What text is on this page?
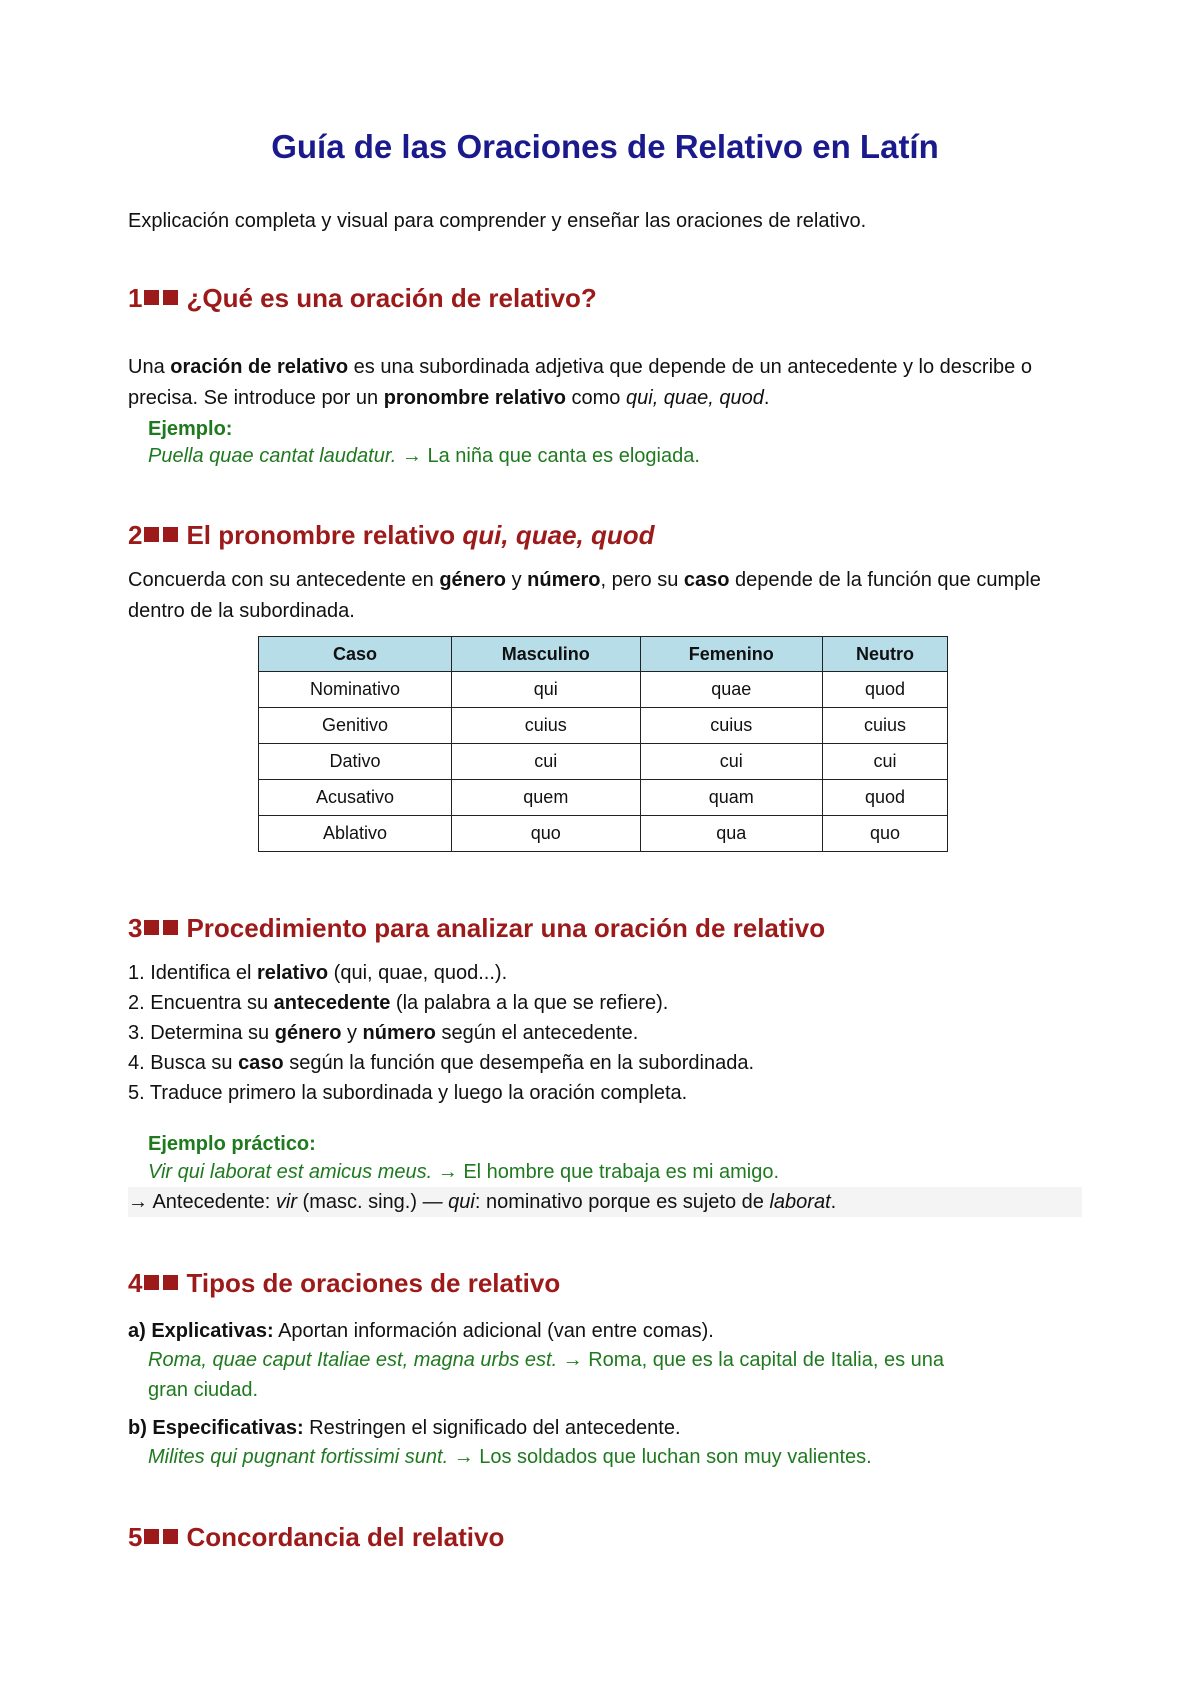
Guía de las Oraciones de Relativo en Latín

Explicación completa y visual para comprender y enseñar las oraciones de relativo.

1 ¿Qué es una oración de relativo?

Una oración de relativo es una subordinada adjetiva que depende de un antecedente y lo describe o precisa. Se introduce por un pronombre relativo como qui, quae, quod.

Ejemplo:

Puella quae cantat laudatur. → La niña que canta es elogiada.

2 El pronombre relativo qui, quae, quod

Concuerda con su antecedente en género y número, pero su caso depende de la función que cumple dentro de la subordinada.

Caso	Masculino	Femenino	Neutro
Nominativo	qui	quae	quod
Genitivo	cuius	cuius	cuius
Dativo	cui	cui	cui
Acusativo	quem	quam	quod
Ablativo	quo	qua	quo
3 Procedimiento para analizar una oración de relativo
1. Identifica el relativo (qui, quae, quod...).
2. Encuentra su antecedente (la palabra a la que se refiere).
3. Determina su género y número según el antecedente.
4. Busca su caso según la función que desempeña en la subordinada.
5. Traduce primero la subordinada y luego la oración completa.

Ejemplo práctico:

Vir qui laborat est amicus meus. → El hombre que trabaja es mi amigo.

→ Antecedente: vir (masc. sing.) — qui: nominativo porque es sujeto de laborat.

4 Tipos de oraciones de relativo

a) Explicativas: Aportan información adicional (van entre comas).

Roma, quae caput Italiae est, magna urbs est. → Roma, que es la capital de Italia, es una

gran ciudad.

b) Especificativas: Restringen el significado del antecedente.

Milites qui pugnant fortissimi sunt. → Los soldados que luchan son muy valientes.

5 Concordancia del relativo
